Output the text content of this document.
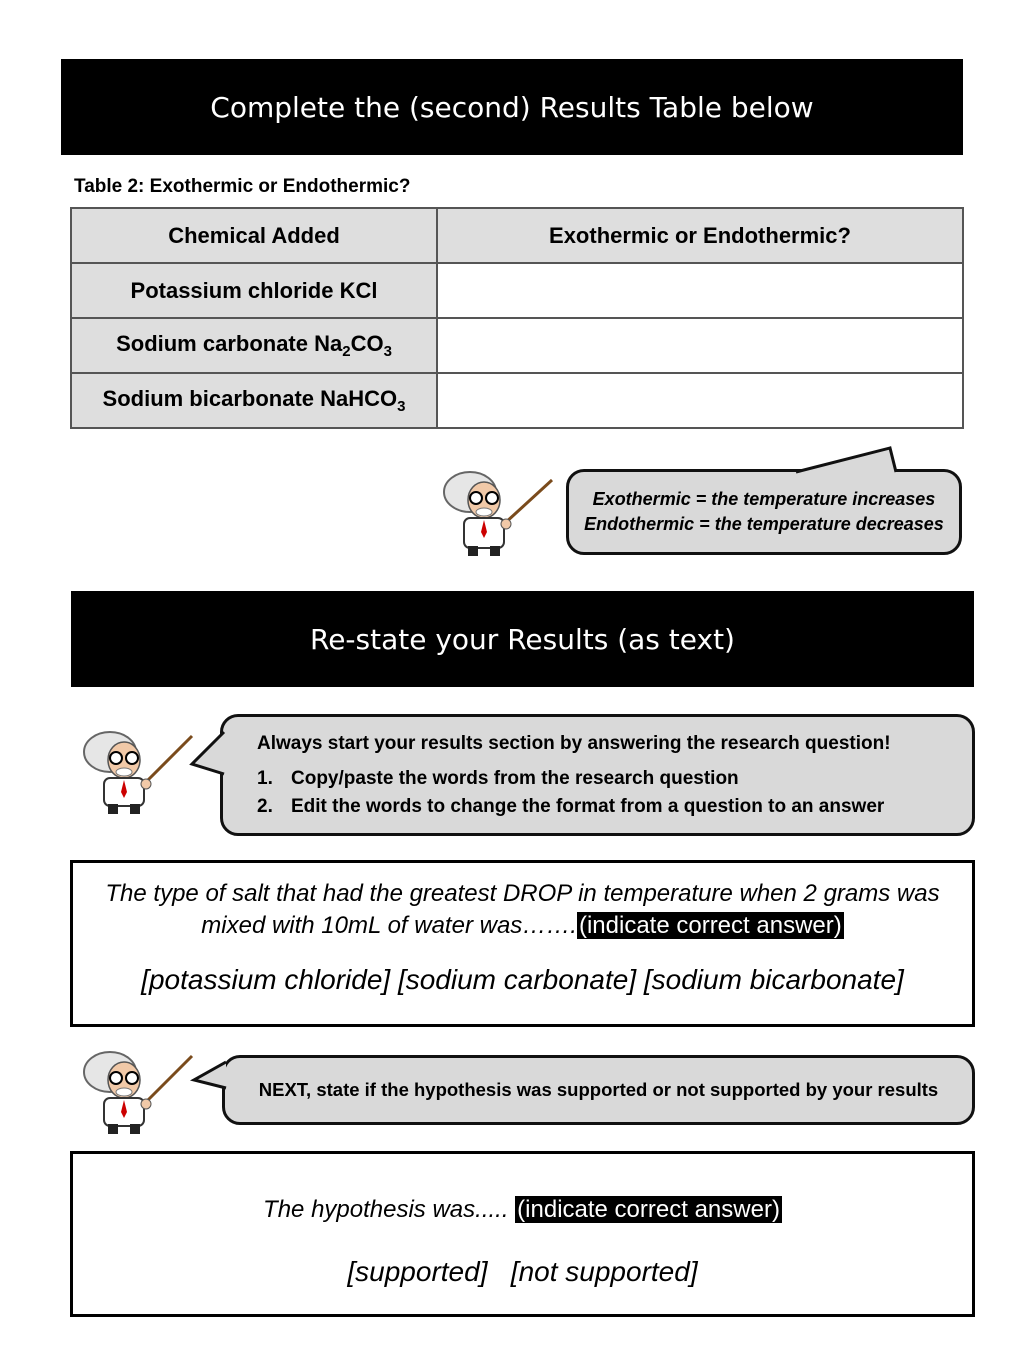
Complete the (second) Results Table below
Table 2: Exothermic or Endothermic?
Chemical Added	Exothermic or Endothermic?
Potassium chloride KCl	
Sodium carbonate $Na_2CO_3$	
Sodium bicarbonate NaHCO$_3$	

Exothermic = the temperature increases

Endothermic = the temperature decreases

Re-state your Results (as text)
Always start your results section by answering the research question!
1. Copy/paste the words from the research question
2. Edit the words to change the format from a question to an answer
The type of salt that had the greatest DROP in temperature when 2 grams was
mixed with 10mL of water was…….(indicate correct answer)
[potassium chloride] [sodium carbonate] [sodium bicarbonate]
NEXT, state if the hypothesis was supported or not supported by your results
The hypothesis was..... (indicate correct answer)
[supported]   [not supported]
